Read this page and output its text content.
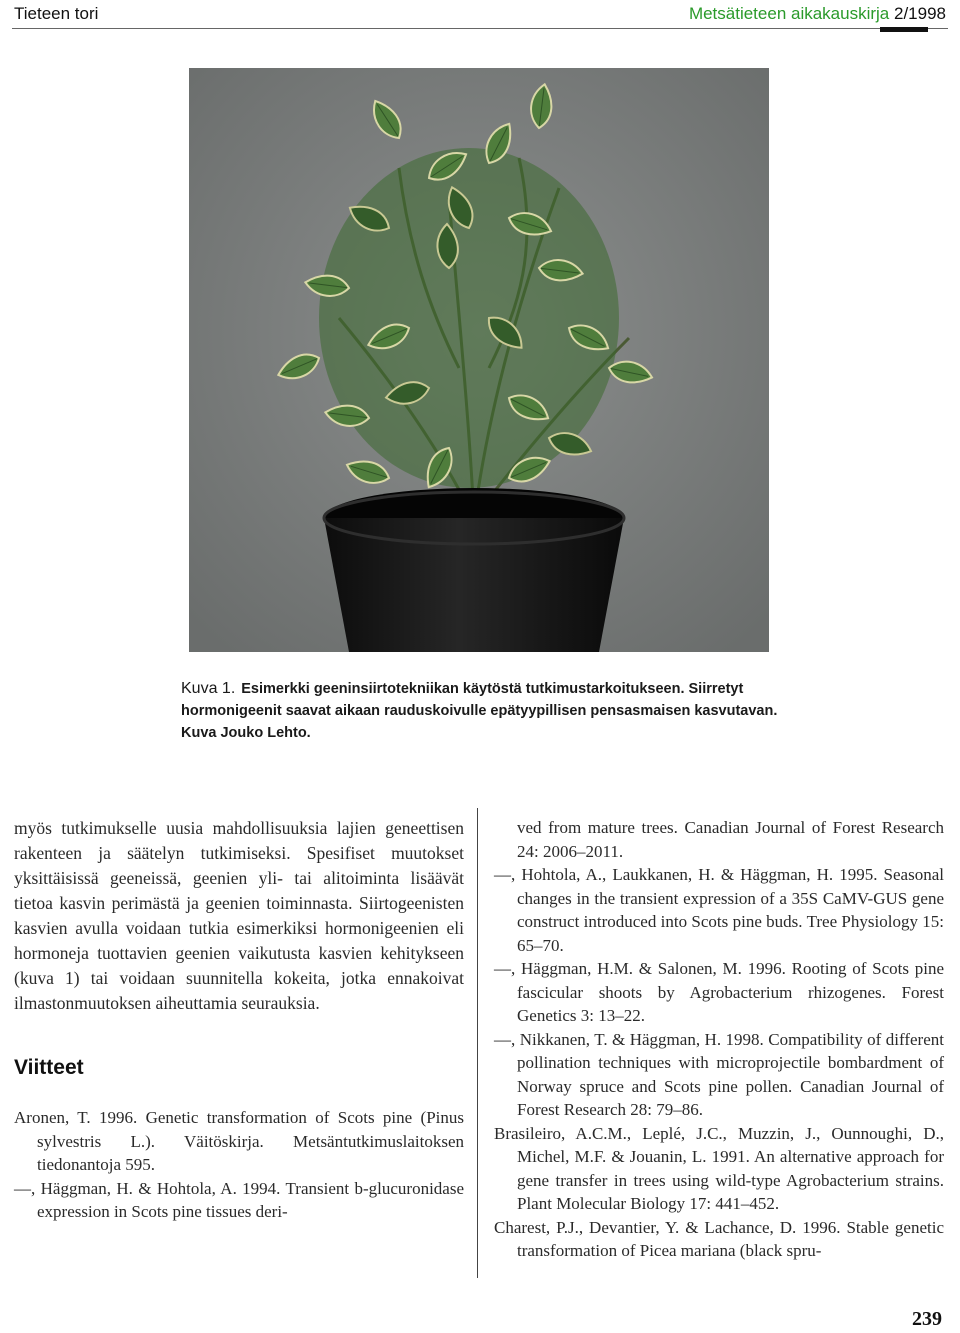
Tieteen tori	Metsätieteen aikakauskirja 2/1998
Kuva 1. Esimerkki geeninsiirtotekniikan käytöstä tutkimustarkoitukseen. Siirretyt hormonigeenit saavat aikaan rauduskoivulle epätyypillisen pensasmaisen kasvutavan. Kuva Jouko Lehto.

myös tutkimukselle uusia mahdollisuuksia lajien geneettisen rakenteen ja säätelyn tutkimiseksi. Spesifiset muutokset yksittäisissä geeneissä, geenien yli- tai alitoiminta lisäävät tietoa kasvin perimästä ja geenien toiminnasta. Siirtogeenisten kasvien avulla voidaan tutkia esimerkiksi hormonigeenien eli hormoneja tuottavien geenien vaikutusta kasvien kehitykseen (kuva 1) tai voidaan suunnitella kokeita, jotka ennakoivat ilmastonmuutoksen aiheuttamia seurauksia.

Viitteet

Aronen, T. 1996. Genetic transformation of Scots pine (Pinus sylvestris L.). Väitöskirja. Metsäntutkimuslaitoksen tiedonantoja 595.

—, Häggman, H. & Hohtola, A. 1994. Transient b-glucuronidase expression in Scots pine tissues deri-

ved from mature trees. Canadian Journal of Forest Research 24: 2006–2011.

—, Hohtola, A., Laukkanen, H. & Häggman, H. 1995. Seasonal changes in the transient expression of a 35S CaMV-GUS gene construct introduced into Scots pine buds. Tree Physiology 15: 65–70.

—, Häggman, H.M. & Salonen, M. 1996. Rooting of Scots pine fascicular shoots by Agrobacterium rhizogenes. Forest Genetics 3: 13–22.

—, Nikkanen, T. & Häggman, H. 1998. Compatibility of different pollination techniques with microprojectile bombardment of Norway spruce and Scots pine pollen. Canadian Journal of Forest Research 28: 79–86.

Brasileiro, A.C.M., Leplé, J.C., Muzzin, J., Ounnoughi, D., Michel, M.F. & Jouanin, L. 1991. An alternative approach for gene transfer in trees using wild-type Agrobacterium strains. Plant Molecular Biology 17: 441–452.

Charest, P.J., Devantier, Y. & Lachance, D. 1996. Stable genetic transformation of Picea mariana (black spru-

239
